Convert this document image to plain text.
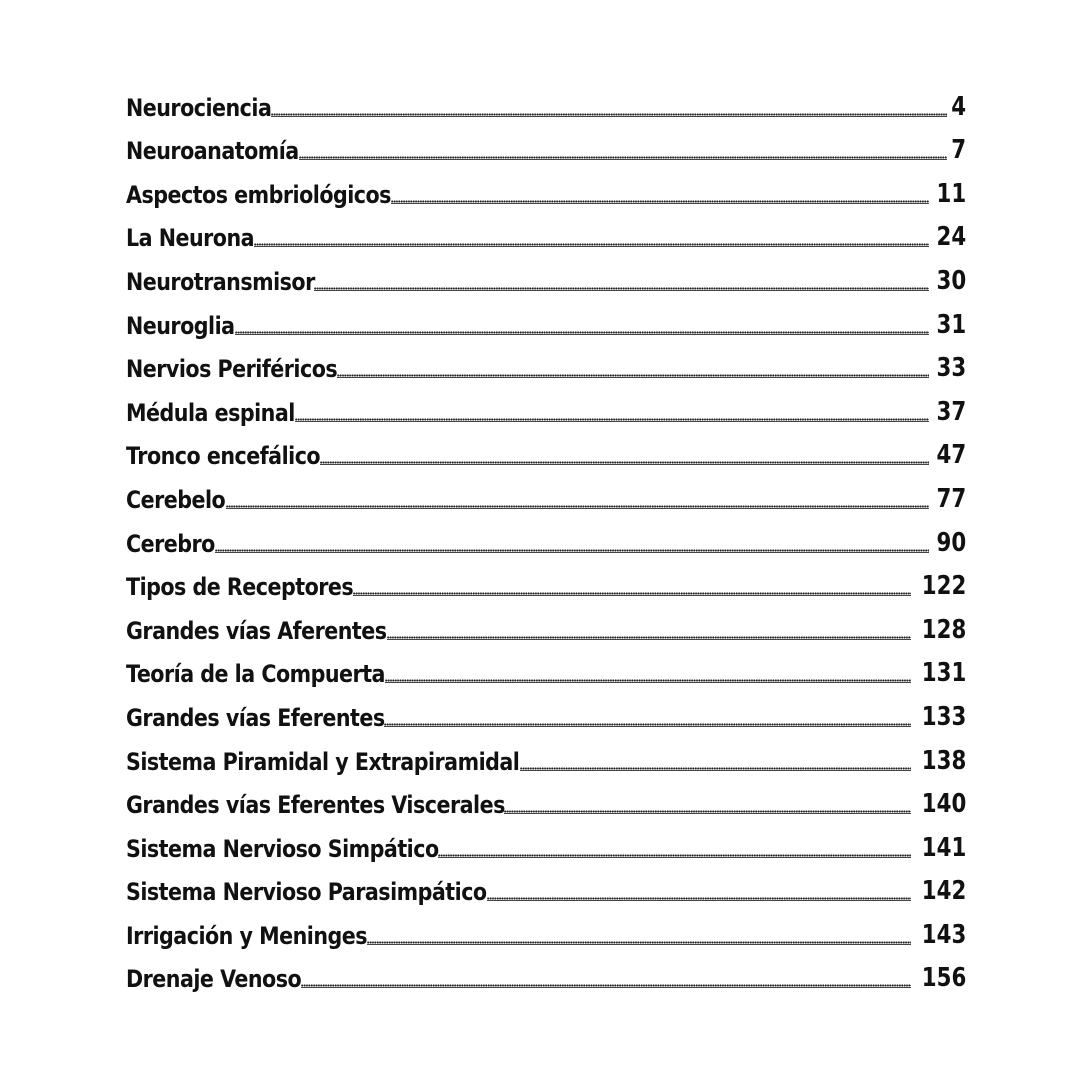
Neurociencia	4
Neuroanatomía	7
Aspectos embriológicos	11
La Neurona	24
Neurotransmisor	30
Neuroglia	31
Nervios Periféricos	33
Médula espinal	37
Tronco encefálico	47
Cerebelo	77
Cerebro	90
Tipos de Receptores	122
Grandes vías Aferentes	128
Teoría de la Compuerta	131
Grandes vías Eferentes	133
Sistema Piramidal y Extrapiramidal	138
Grandes vías Eferentes Viscerales	140
Sistema Nervioso Simpático	141
Sistema Nervioso Parasimpático	142
Irrigación y Meninges	143
Drenaje Venoso	156
